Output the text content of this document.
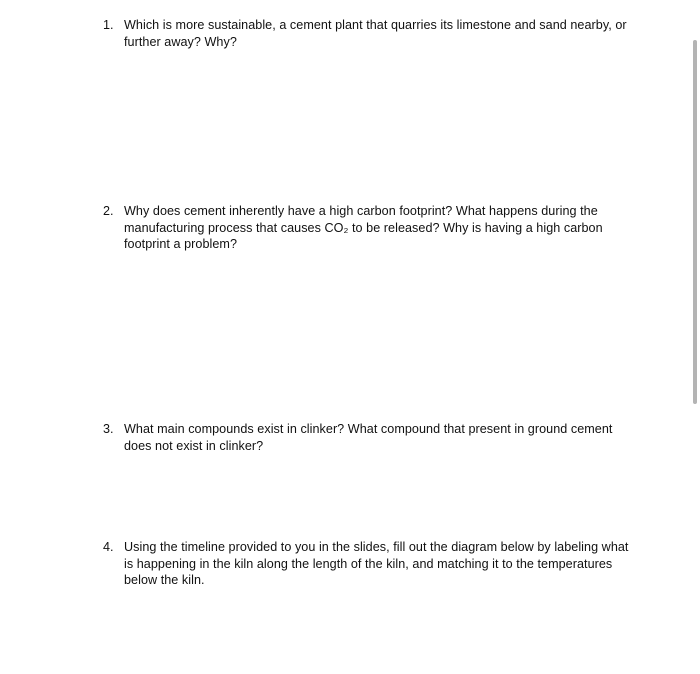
1. Which is more sustainable, a cement plant that quarries its limestone and sand nearby, or further away? Why?
2. Why does cement inherently have a high carbon footprint? What happens during the manufacturing process that causes CO₂ to be released? Why is having a high carbon footprint a problem?
3. What main compounds exist in clinker? What compound that present in ground cement does not exist in clinker?
4. Using the timeline provided to you in the slides, fill out the diagram below by labeling what is happening in the kiln along the length of the kiln, and matching it to the temperatures below the kiln.
